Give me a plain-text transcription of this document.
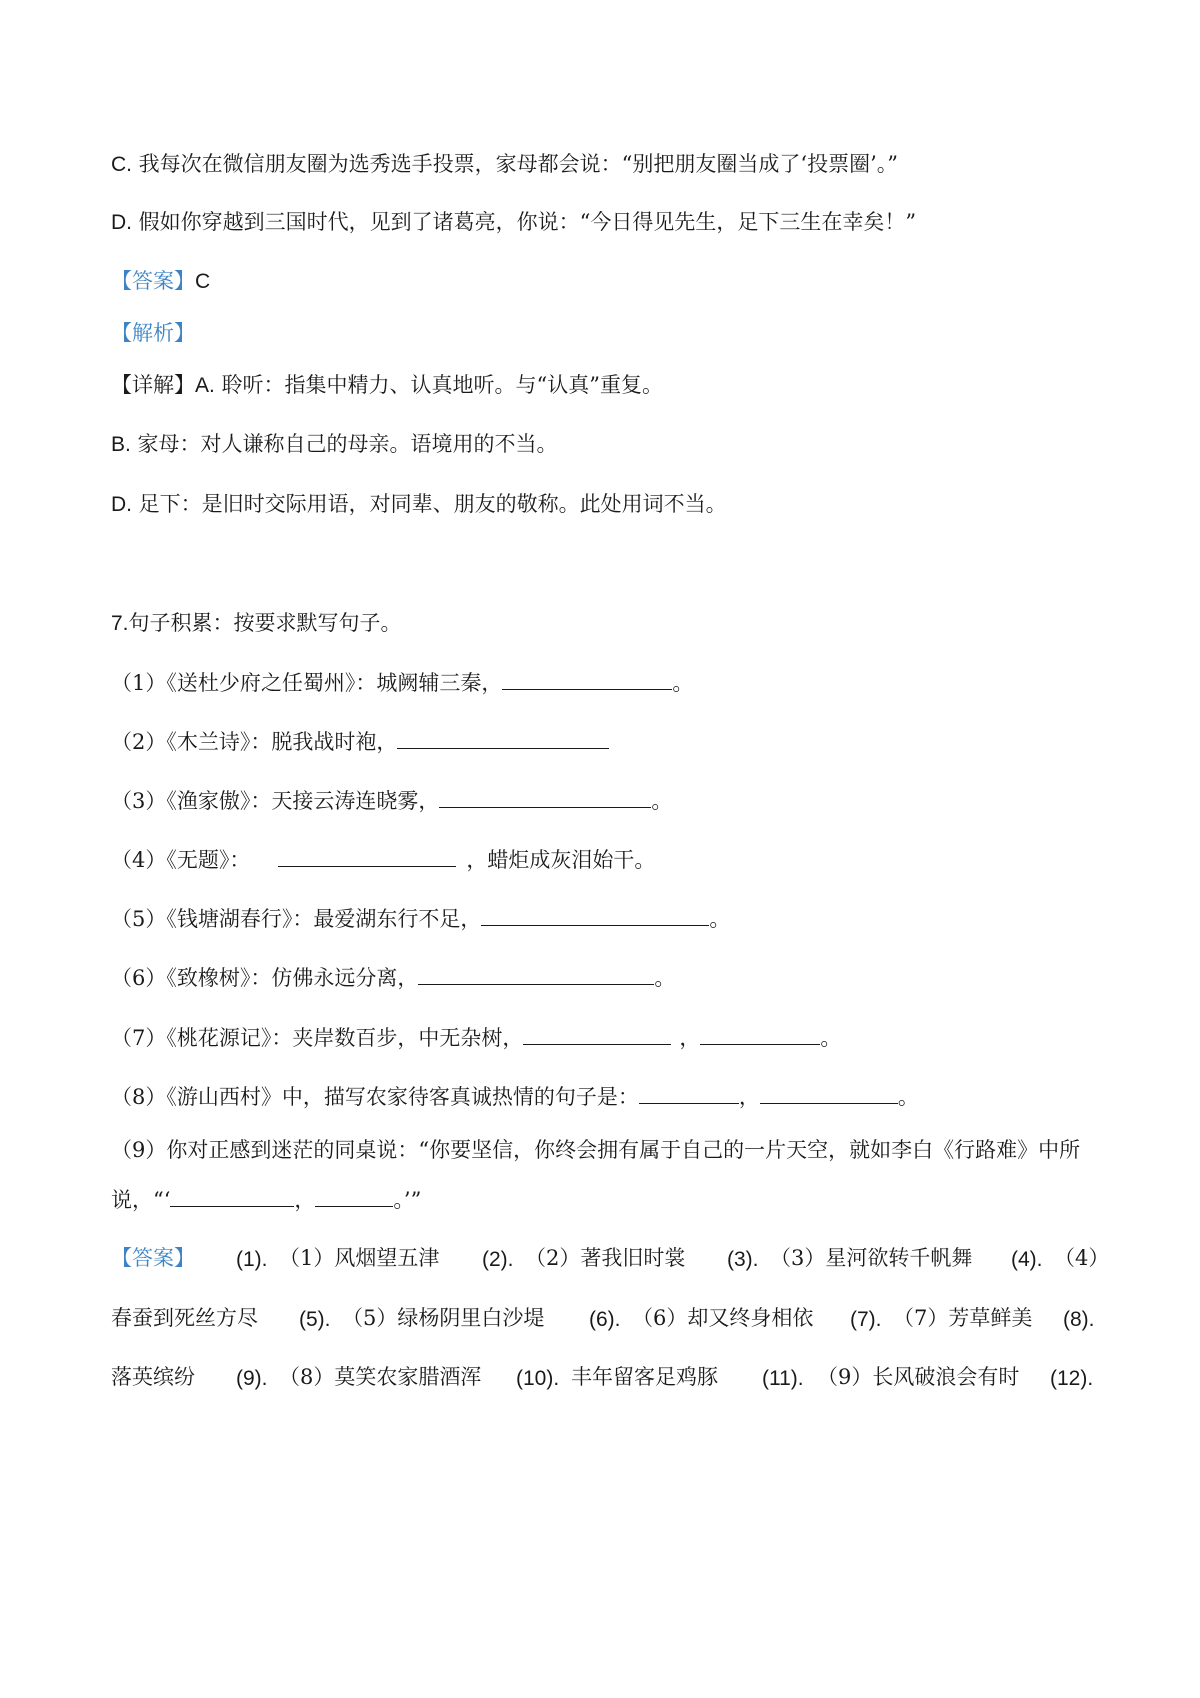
C. 我每次在微信朋友圈为选秀选手投票，家母都会说：“别把朋友圈当成了‘投票圈’。”
D. 假如你穿越到三国时代，见到了诸葛亮，你说：“今日得见先生，足下三生在幸矣！”
【答案】C
【解析】
【详解】A. 聆听：指集中精力、认真地听。与“认真”重复。
B. 家母：对人谦称自己的母亲。语境用的不当。
D. 足下：是旧时交际用语，对同辈、朋友的敬称。此处用词不当。
7.句子积累：按要求默写句子。
（1）《送杜少府之任蜀州》：城阙辅三秦，	。
（2）《木兰诗》：脱我战时袍，
（3）《渔家傲》：天接云涛连晓雾，	。
（4）《无题》：	，蜡炬成灰泪始干。
（5）《钱塘湖春行》：最爱湖东行不足，	。
（6）《致橡树》：仿佛永远分离，	。
（7）《桃花源记》：夹岸数百步，中无杂树，	，	。
（8）《游山西村》中，描写农家待客真诚热情的句子是：	，	。
（9）你对正感到迷茫的同桌说：“你要坚信，你终会拥有属于自己的一片天空，就如李白《行路难》中所
说，“‘	，	。’”
【答案】 (1). （1）风烟望五津 (2). （2）著我旧时裳 (3). （3）星河欲转千帆舞 (4). （4）
春蚕到死丝方尽 (5). （5）绿杨阴里白沙堤 (6). （6）却又终身相依 (7). （7）芳草鲜美 (8).
落英缤纷 (9). （8）莫笑农家腊酒浑 (10). 丰年留客足鸡豚 (11). （9）长风破浪会有时 (12).
